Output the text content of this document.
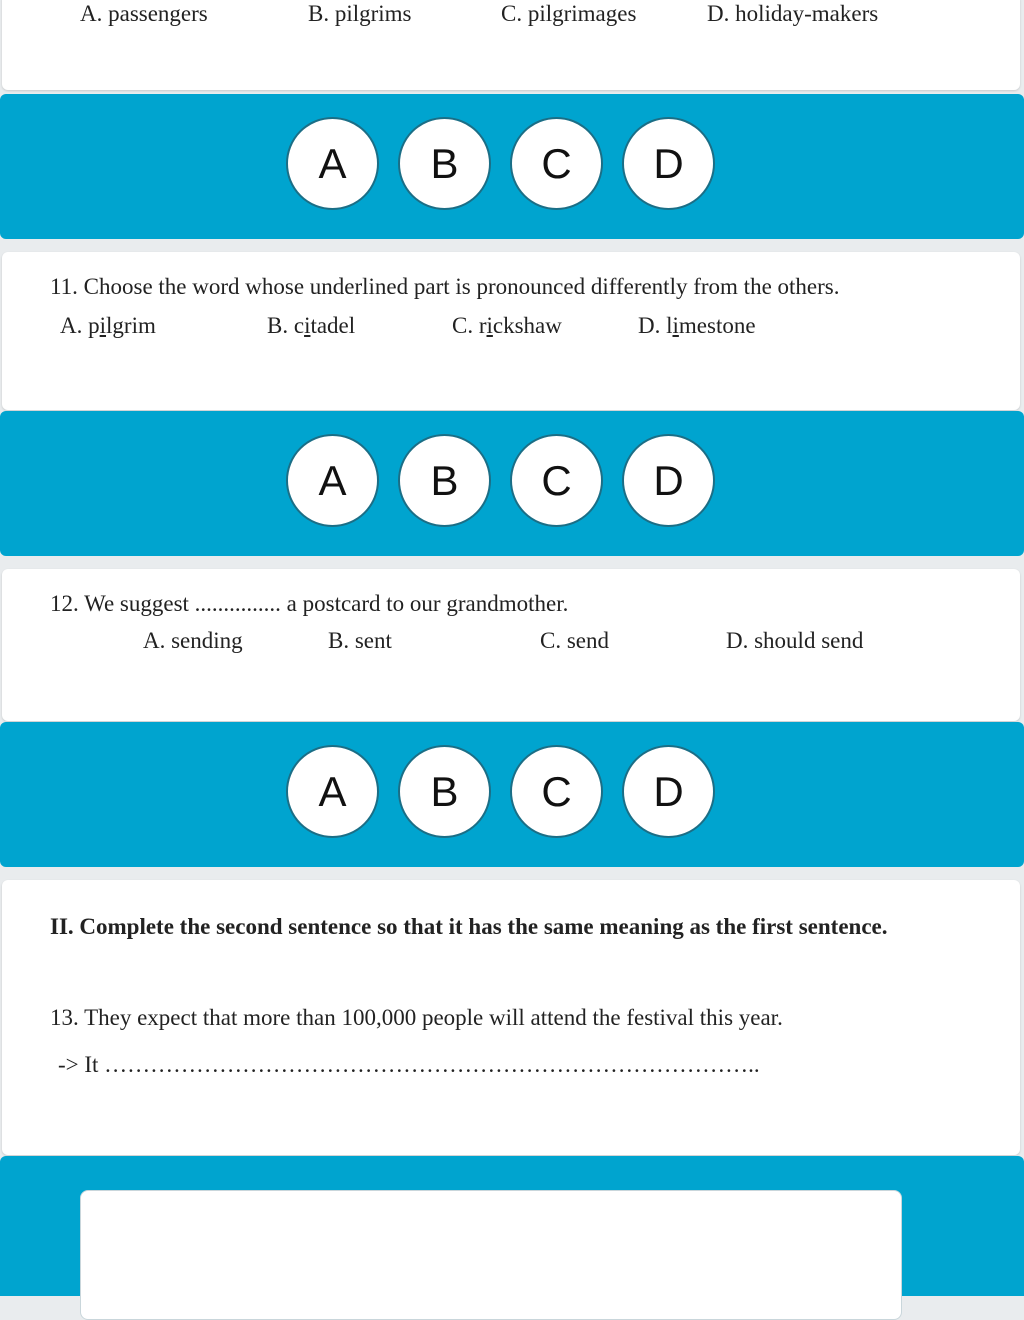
A. passengers	B. pilgrims	C. pilgrimages	D. holiday-makers
A	B	C	D
11. Choose the word whose underlined part is pronounced differently from the others.
A. pilgrim	B. citadel	C. rickshaw	D. limestone
A	B	C	D
12. We suggest ............... a postcard to our grandmother.
A. sending	B. sent	C. send	D. should send
A	B	C	D
II. Complete the second sentence so that it has the same meaning as the first sentence.
13. They expect that more than 100,000 people will attend the festival this year.
-> It …………………………………………………………………………..
